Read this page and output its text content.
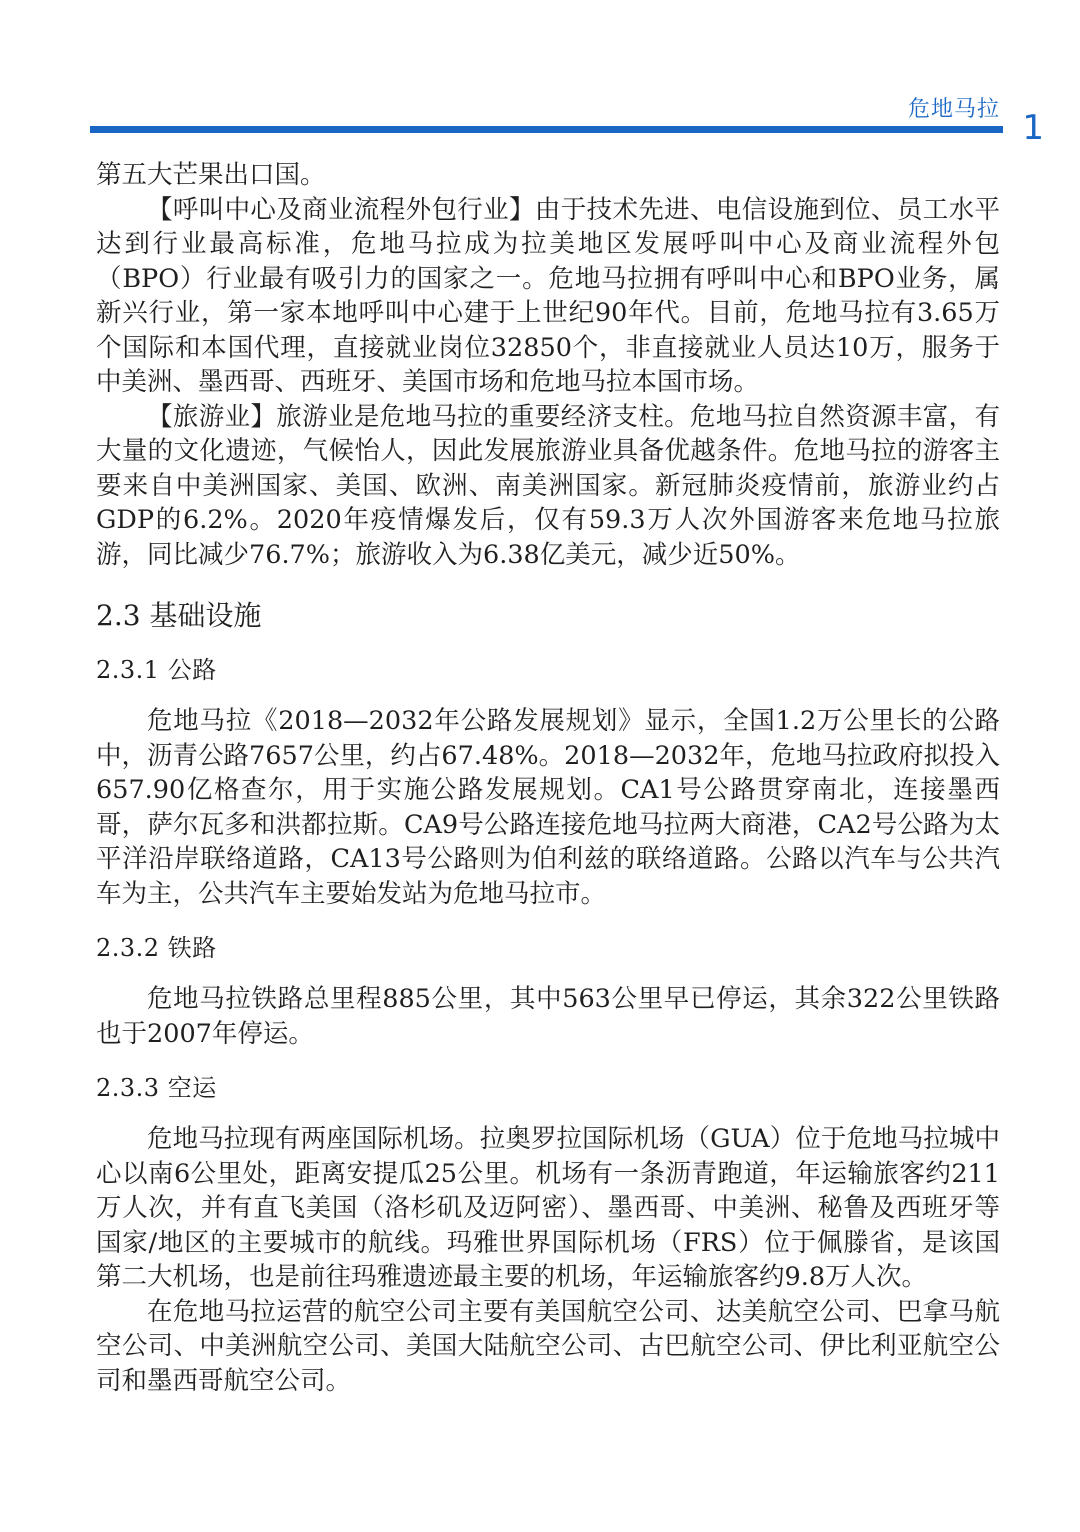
危地马拉 1

第五大芒果出口国。

【呼叫中心及商业流程外包行业】由于技术先进、电信设施到位、员工水平达到行业最高标准，危地马拉成为拉美地区发展呼叫中心及商业流程外包（BPO）行业最有吸引力的国家之一。危地马拉拥有呼叫中心和BPO业务，属新兴行业，第一家本地呼叫中心建于上世纪90年代。目前，危地马拉有3.65万个国际和本国代理，直接就业岗位32850个，非直接就业人员达10万，服务于中美洲、墨西哥、西班牙、美国市场和危地马拉本国市场。

【旅游业】旅游业是危地马拉的重要经济支柱。危地马拉自然资源丰富，有大量的文化遗迹，气候怡人，因此发展旅游业具备优越条件。危地马拉的游客主要来自中美洲国家、美国、欧洲、南美洲国家。新冠肺炎疫情前，旅游业约占GDP的6.2%。2020年疫情爆发后，仅有59.3万人次外国游客来危地马拉旅游，同比减少76.7%；旅游收入为6.38亿美元，减少近50%。

2.3 基础设施
2.3.1 公路

危地马拉《2018—2032年公路发展规划》显示，全国1.2万公里长的公路中，沥青公路7657公里，约占67.48%。2018—2032年，危地马拉政府拟投入657.90亿格查尔，用于实施公路发展规划。CA1号公路贯穿南北，连接墨西哥，萨尔瓦多和洪都拉斯。CA9号公路连接危地马拉两大商港，CA2号公路为太平洋沿岸联络道路，CA13号公路则为伯利兹的联络道路。公路以汽车与公共汽车为主，公共汽车主要始发站为危地马拉市。

2.3.2 铁路

危地马拉铁路总里程885公里，其中563公里早已停运，其余322公里铁路也于2007年停运。

2.3.3 空运

危地马拉现有两座国际机场。拉奥罗拉国际机场（GUA）位于危地马拉城中心以南6公里处，距离安提瓜25公里。机场有一条沥青跑道，年运输旅客约211万人次，并有直飞美国（洛杉矶及迈阿密）、墨西哥、中美洲、秘鲁及西班牙等国家/地区的主要城市的航线。玛雅世界国际机场（FRS）位于佩滕省，是该国第二大机场，也是前往玛雅遗迹最主要的机场，年运输旅客约9.8万人次。

在危地马拉运营的航空公司主要有美国航空公司、达美航空公司、巴拿马航空公司、中美洲航空公司、美国大陆航空公司、古巴航空公司、伊比利亚航空公司和墨西哥航空公司。
